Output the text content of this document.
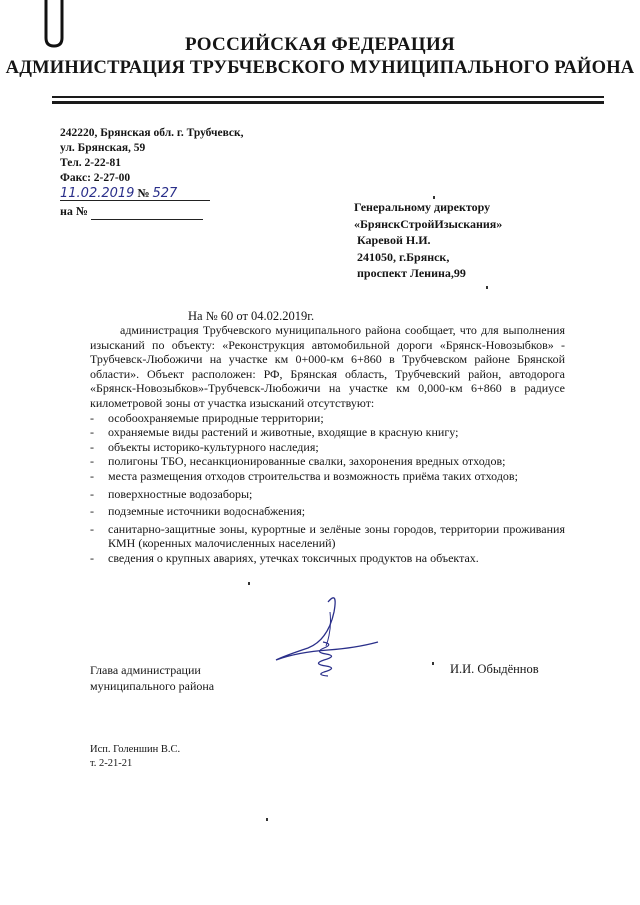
РОССИЙСКАЯ ФЕДЕРАЦИЯ
АДМИНИСТРАЦИЯ ТРУБЧЕВСКОГО МУНИЦИПАЛЬНОГО РАЙОНА
242220, Брянская обл. г. Трубчевск,
ул. Брянская, 59
Тел. 2-22-81
Факс: 2-27-00
11.02.2019 № 527
на №	Генеральному директору
«БрянскСтройИзыскания»
Каревой Н.И.
241050, г.Брянск,
проспект Ленина,99
На № 60 от 04.02.2019г.

администрация Трубчевского муниципального района сообщает, что для выполнения изысканий по объекту: «Реконструкция автомобильной дороги «Брянск-Новозыбков» - Трубчевск-Любожичи на участке км 0+000-км 6+860 в Трубчевском районе Брянской области». Объект расположен: РФ, Брянская область, Трубчевский район, автодорога «Брянск-Новозыбков»-Трубчевск-Любожичи на участке км 0,000-км 6+860 в радиусе километровой зоны от участка изысканий отсутствуют:

- особоохраняемые природные территории;
- охраняемые виды растений и животные, входящие в красную книгу;
- объекты историко-культурного наследия;
- полигоны ТБО, несанкционированные свалки, захоронения вредных отходов;
- места размещения отходов строительства и возможность приёма таких отходов;
- поверхностные водозаборы;
- подземные источники водоснабжения;
- санитарно-защитные зоны, курортные и зелёные зоны городов, территории проживания КМН (коренных малочисленных населений)
- сведения о крупных авариях, утечках токсичных продуктов на объектах.
Глава администрации
муниципального района
И.И. Обыдённов
Исп. Голеншин В.С.
т. 2-21-21
